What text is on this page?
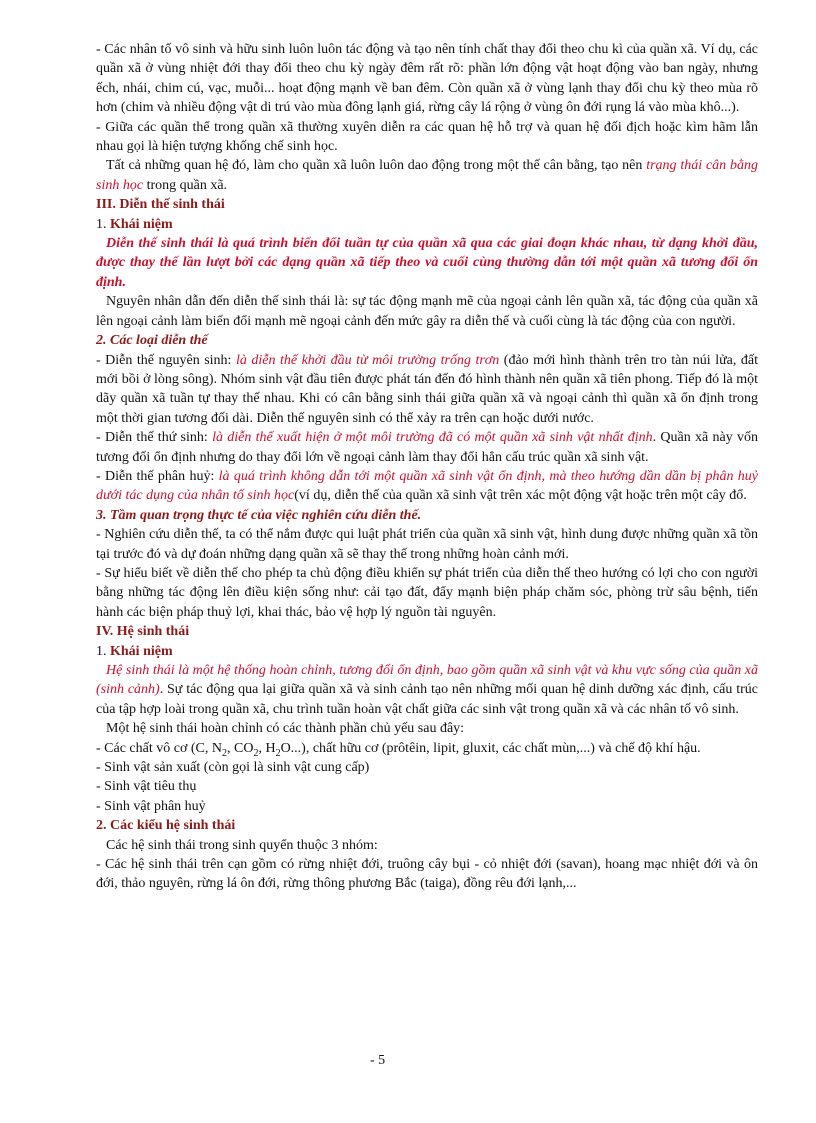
- Các nhân tố vô sinh và hữu sinh luôn luôn tác động và tạo nên tính chất thay đổi theo chu kì của quần xã. Ví dụ, các quần xã ở vùng nhiệt đới thay đổi theo chu kỳ ngày đêm rất rõ: phần lớn động vật hoạt động vào ban ngày, nhưng ếch, nhái, chim cú, vạc, muỗi... hoạt động mạnh về ban đêm. Còn quần xã ở vùng lạnh thay đổi chu kỳ theo mùa rõ hơn (chim và nhiều động vật di trú vào mùa đông lạnh giá, rừng cây lá rộng ở vùng ôn đới rụng lá vào mùa khô...).

- Giữa các quần thể trong quần xã thường xuyên diễn ra các quan hệ hỗ trợ và quan hệ đối địch hoặc kìm hãm lẫn nhau gọi là hiện tượng khống chế sinh học.

Tất cả những quan hệ đó, làm cho quần xã luôn luôn dao động trong một thế cân bằng, tạo nên trạng thái cân bằng sinh học trong quần xã.

III. Diễn thế sinh thái
1. Khái niệm

Diễn thế sinh thái là quá trình biến đổi tuần tự của quần xã qua các giai đoạn khác nhau, từ dạng khởi đầu, được thay thế lần lượt bởi các dạng quần xã tiếp theo và cuối cùng thường dẫn tới một quần xã tương đối ổn định.

Nguyên nhân dẫn đến diễn thế sinh thái là: sự tác động mạnh mẽ của ngoại cảnh lên quần xã, tác động của quần xã lên ngoại cảnh làm biến đổi mạnh mẽ ngoại cảnh đến mức gây ra diễn thế và cuối cùng là tác động của con người.

2. Các loại diễn thế

- Diễn thế nguyên sinh: là diễn thế khởi đầu từ môi trường trống trơn (đảo mới hình thành trên tro tàn núi lửa, đất mới bồi ở lòng sông). Nhóm sinh vật đầu tiên được phát tán đến đó hình thành nên quần xã tiên phong. Tiếp đó là một dãy quần xã tuần tự thay thế nhau. Khi có cân bằng sinh thái giữa quần xã và ngoại cảnh thì quần xã ổn định trong một thời gian tương đối dài. Diễn thế nguyên sinh có thể xảy ra trên cạn hoặc dưới nước.

- Diễn thế thứ sinh: là diễn thế xuất hiện ở một môi trường đã có một quần xã sinh vật nhất định. Quần xã này vốn tương đối ổn định nhưng do thay đổi lớn về ngoại cảnh làm thay đổi hẳn cấu trúc quần xã sinh vật.

- Diễn thế phân huỷ: là quá trình không dẫn tới một quần xã sinh vật ổn định, mà theo hướng dần dần bị phân huỷ dưới tác dụng của nhân tố sinh học(ví dụ, diễn thế của quần xã sinh vật trên xác một động vật hoặc trên một cây đổ.

3. Tầm quan trọng thực tế của việc nghiên cứu diễn thế.

- Nghiên cứu diễn thế, ta có thể nắm được qui luật phát triển của quần xã sinh vật, hình dung được những quần xã tồn tại trước đó và dự đoán những dạng quần xã sẽ thay thế trong những hoàn cảnh mới.

- Sự hiểu biết về diễn thế cho phép ta chủ động điều khiển sự phát triển của diễn thế theo hướng có lợi cho con người bằng những tác động lên điều kiện sống như: cải tạo đất, đẩy mạnh biện pháp chăm sóc, phòng trừ sâu bệnh, tiến hành các biện pháp thuỷ lợi, khai thác, bảo vệ hợp lý nguồn tài nguyên.

IV. Hệ sinh thái
1. Khái niệm

Hệ sinh thái là một hệ thống hoàn chỉnh, tương đối ổn định, bao gồm quần xã sinh vật và khu vực sống của quần xã (sinh cảnh). Sự tác động qua lại giữa quần xã và sinh cảnh tạo nên những mối quan hệ dinh dưỡng xác định, cấu trúc của tập hợp loài trong quần xã, chu trình tuần hoàn vật chất giữa các sinh vật trong quần xã và các nhân tố vô sinh.

Một hệ sinh thái hoàn chỉnh có các thành phần chủ yếu sau đây:

- Các chất vô cơ (C, $N_2$, $CO_2$, $H_2O$...), chất hữu cơ (prôtêin, lipit, gluxit, các chất mùn,...) và chế độ khí hậu.

- Sinh vật sản xuất (còn gọi là sinh vật cung cấp)

- Sinh vật tiêu thụ

- Sinh vật phân huỷ

2. Các kiểu hệ sinh thái

Các hệ sinh thái trong sinh quyển thuộc 3 nhóm:

- Các hệ sinh thái trên cạn gồm có rừng nhiệt đới, truông cây bụi - cỏ nhiệt đới (savan), hoang mạc nhiệt đới và ôn đới, thảo nguyên, rừng lá ôn đới, rừng thông phương Bắc (taiga), đồng rêu đới lạnh,...

- 5
